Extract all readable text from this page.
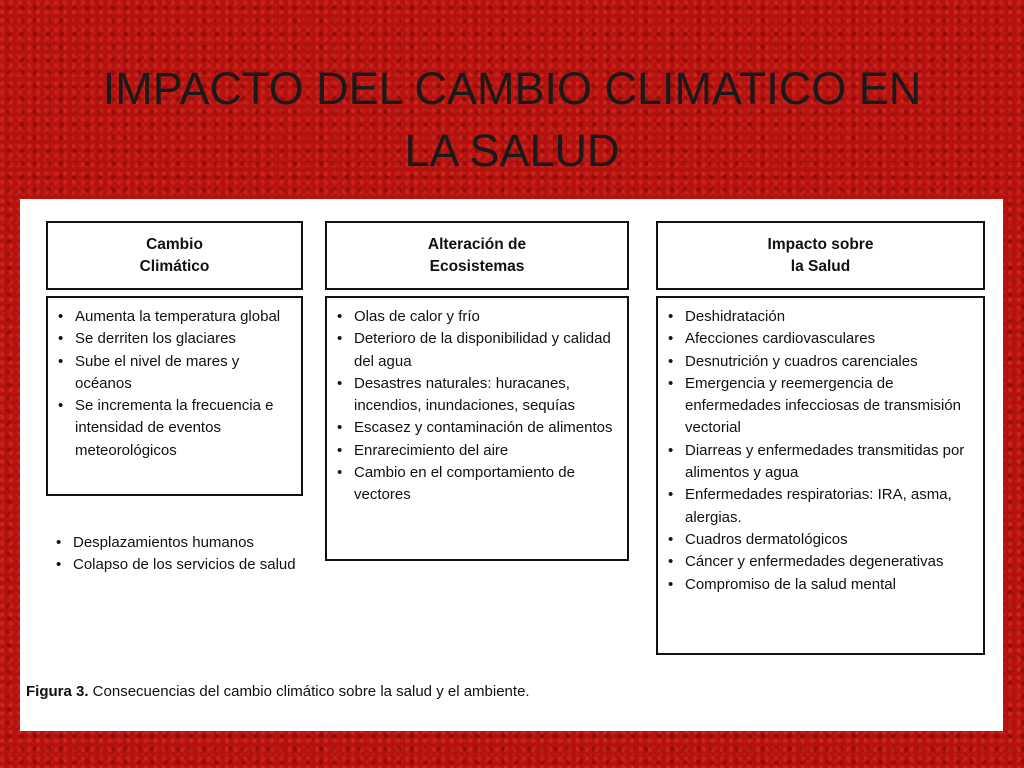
IMPACTO DEL CAMBIO CLIMATICO EN
LA SALUD
Cambio
Climático
• Aumenta la temperatura global
• Se derriten los glaciares
• Sube el nivel de mares y océanos
• Se incrementa la frecuencia e intensidad de eventos meteorológicos
• Desplazamientos humanos
• Colapso de los servicios de salud
Alteración de
Ecosistemas
• Olas de calor y frío
• Deterioro de la disponibilidad y calidad del agua
• Desastres naturales: huracanes, incendios, inundaciones, sequías
• Escasez y contaminación de alimentos
• Enrarecimiento del aire
• Cambio en el comportamiento de vectores
Impacto sobre
la Salud
• Deshidratación
• Afecciones cardiovasculares
• Desnutrición y cuadros carenciales
• Emergencia y reemergencia de enfermedades infecciosas de transmisión vectorial
• Diarreas y enfermedades transmitidas por alimentos y agua
• Enfermedades respiratorias: IRA, asma, alergias.
• Cuadros dermatológicos
• Cáncer y enfermedades degenerativas
• Compromiso de la salud mental
Figura 3. Consecuencias del cambio climático sobre la salud y el ambiente.
